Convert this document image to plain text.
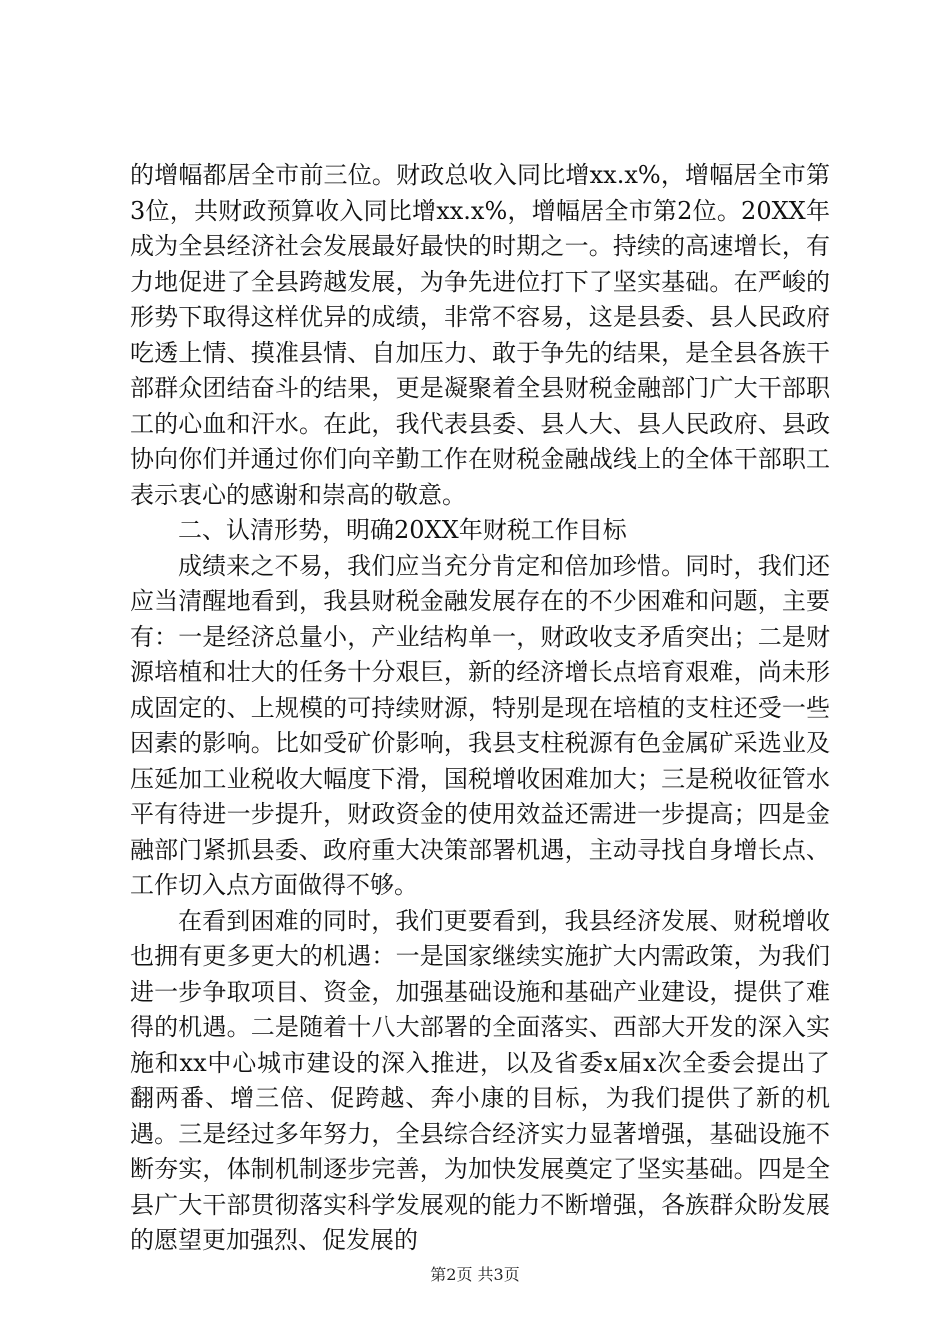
的增幅都居全市前三位。财政总收入同比增xx.x%，增幅居全市第3位，共财政预算收入同比增xx.x%，增幅居全市第2位。20XX年成为全县经济社会发展最好最快的时期之一。持续的高速增长，有力地促进了全县跨越发展，为争先进位打下了坚实基础。在严峻的形势下取得这样优异的成绩，非常不容易，这是县委、县人民政府吃透上情、摸准县情、自加压力、敢于争先的结果，是全县各族干部群众团结奋斗的结果，更是凝聚着全县财税金融部门广大干部职工的心血和汗水。在此，我代表县委、县人大、县人民政府、县政协向你们并通过你们向辛勤工作在财税金融战线上的全体干部职工表示衷心的感谢和崇高的敬意。

二、认清形势，明确20XX年财税工作目标

成绩来之不易，我们应当充分肯定和倍加珍惜。同时，我们还应当清醒地看到，我县财税金融发展存在的不少困难和问题，主要有：一是经济总量小，产业结构单一，财政收支矛盾突出；二是财源培植和壮大的任务十分艰巨，新的经济增长点培育艰难，尚未形成固定的、上规模的可持续财源，特别是现在培植的支柱还受一些因素的影响。比如受矿价影响，我县支柱税源有色金属矿采选业及压延加工业税收大幅度下滑，国税增收困难加大；三是税收征管水平有待进一步提升，财政资金的使用效益还需进一步提高；四是金融部门紧抓县委、政府重大决策部署机遇，主动寻找自身增长点、工作切入点方面做得不够。

在看到困难的同时，我们更要看到，我县经济发展、财税增收也拥有更多更大的机遇：一是国家继续实施扩大内需政策，为我们进一步争取项目、资金，加强基础设施和基础产业建设，提供了难得的机遇。二是随着十八大部署的全面落实、西部大开发的深入实施和xx中心城市建设的深入推进，以及省委x届x次全委会提出了翻两番、增三倍、促跨越、奔小康的目标，为我们提供了新的机遇。三是经过多年努力，全县综合经济实力显著增强，基础设施不断夯实，体制机制逐步完善，为加快发展奠定了坚实基础。四是全县广大干部贯彻落实科学发展观的能力不断增强，各族群众盼发展的愿望更加强烈、促发展的

第2页 共3页
